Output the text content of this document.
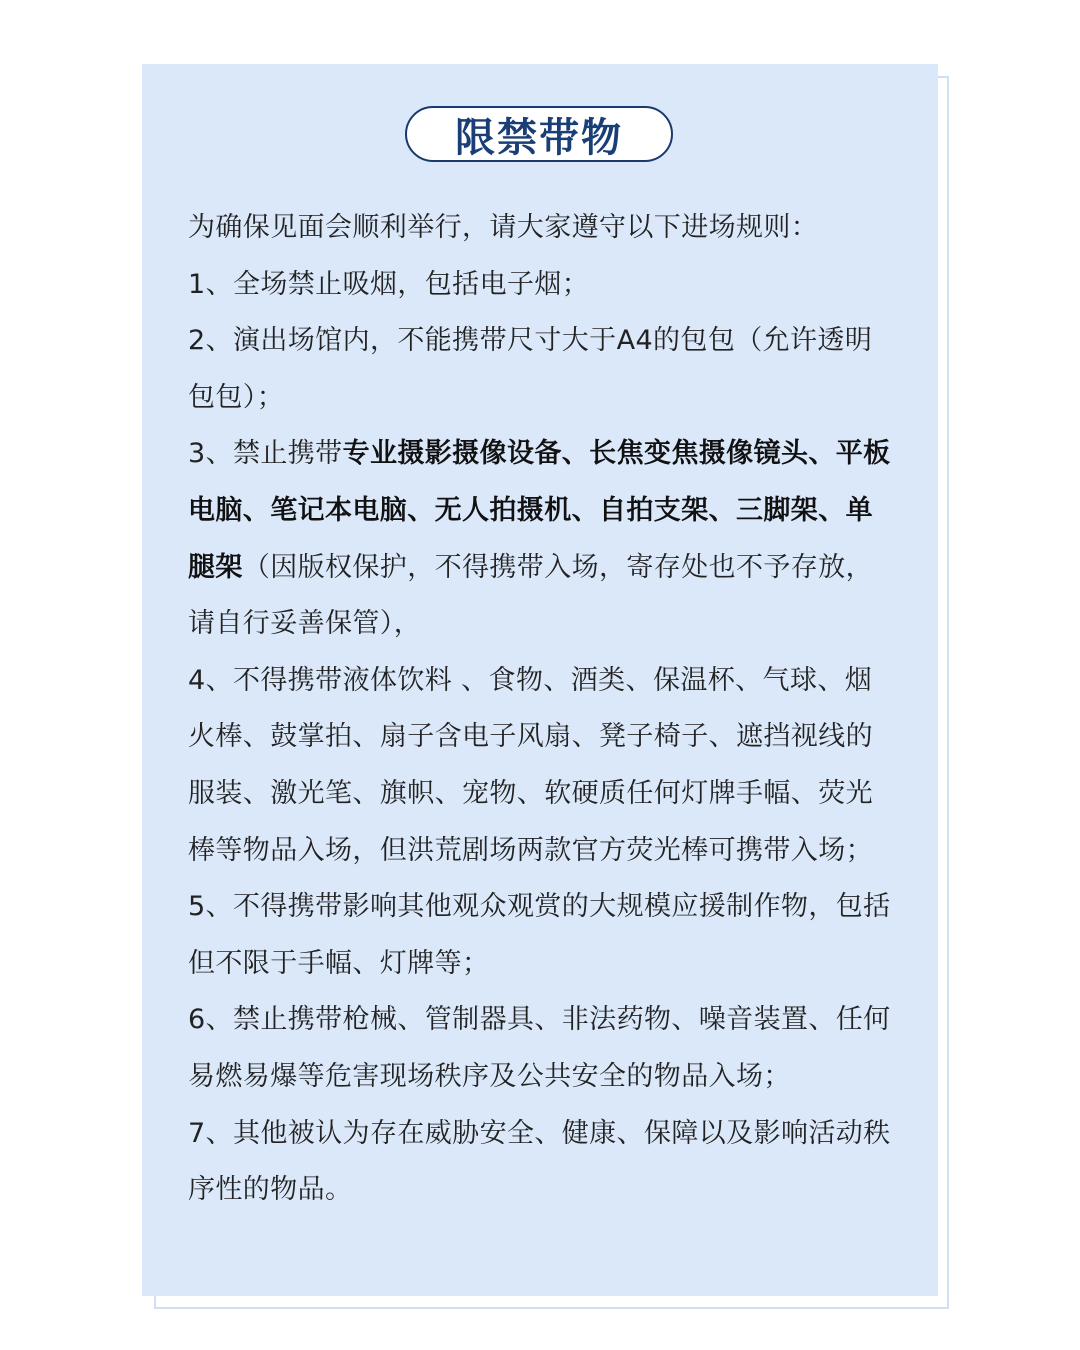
限禁带物

为确保见面会顺利举行，请大家遵守以下进场规则：

1、全场禁止吸烟，包括电子烟；

2、演出场馆内，不能携带尺寸大于A4的包包（允许透明包包）；

3、禁止携带专业摄影摄像设备、长焦变焦摄像镜头、平板电脑、笔记本电脑、无人拍摄机、自拍支架、三脚架、单腿架（因版权保护，不得携带入场，寄存处也不予存放，请自行妥善保管），

4、不得携带液体饮料 、食物、酒类、保温杯、气球、烟火棒、鼓掌拍、扇子含电子风扇、凳子椅子、遮挡视线的服装、激光笔、旗帜、宠物、软硬质任何灯牌手幅、荧光棒等物品入场，但洪荒剧场两款官方荧光棒可携带入场；

5、不得携带影响其他观众观赏的大规模应援制作物，包括但不限于手幅、灯牌等；

6、禁止携带枪械、管制器具、非法药物、噪音装置、任何易燃易爆等危害现场秩序及公共安全的物品入场；

7、其他被认为存在威胁安全、健康、保障以及影响活动秩序性的物品。
